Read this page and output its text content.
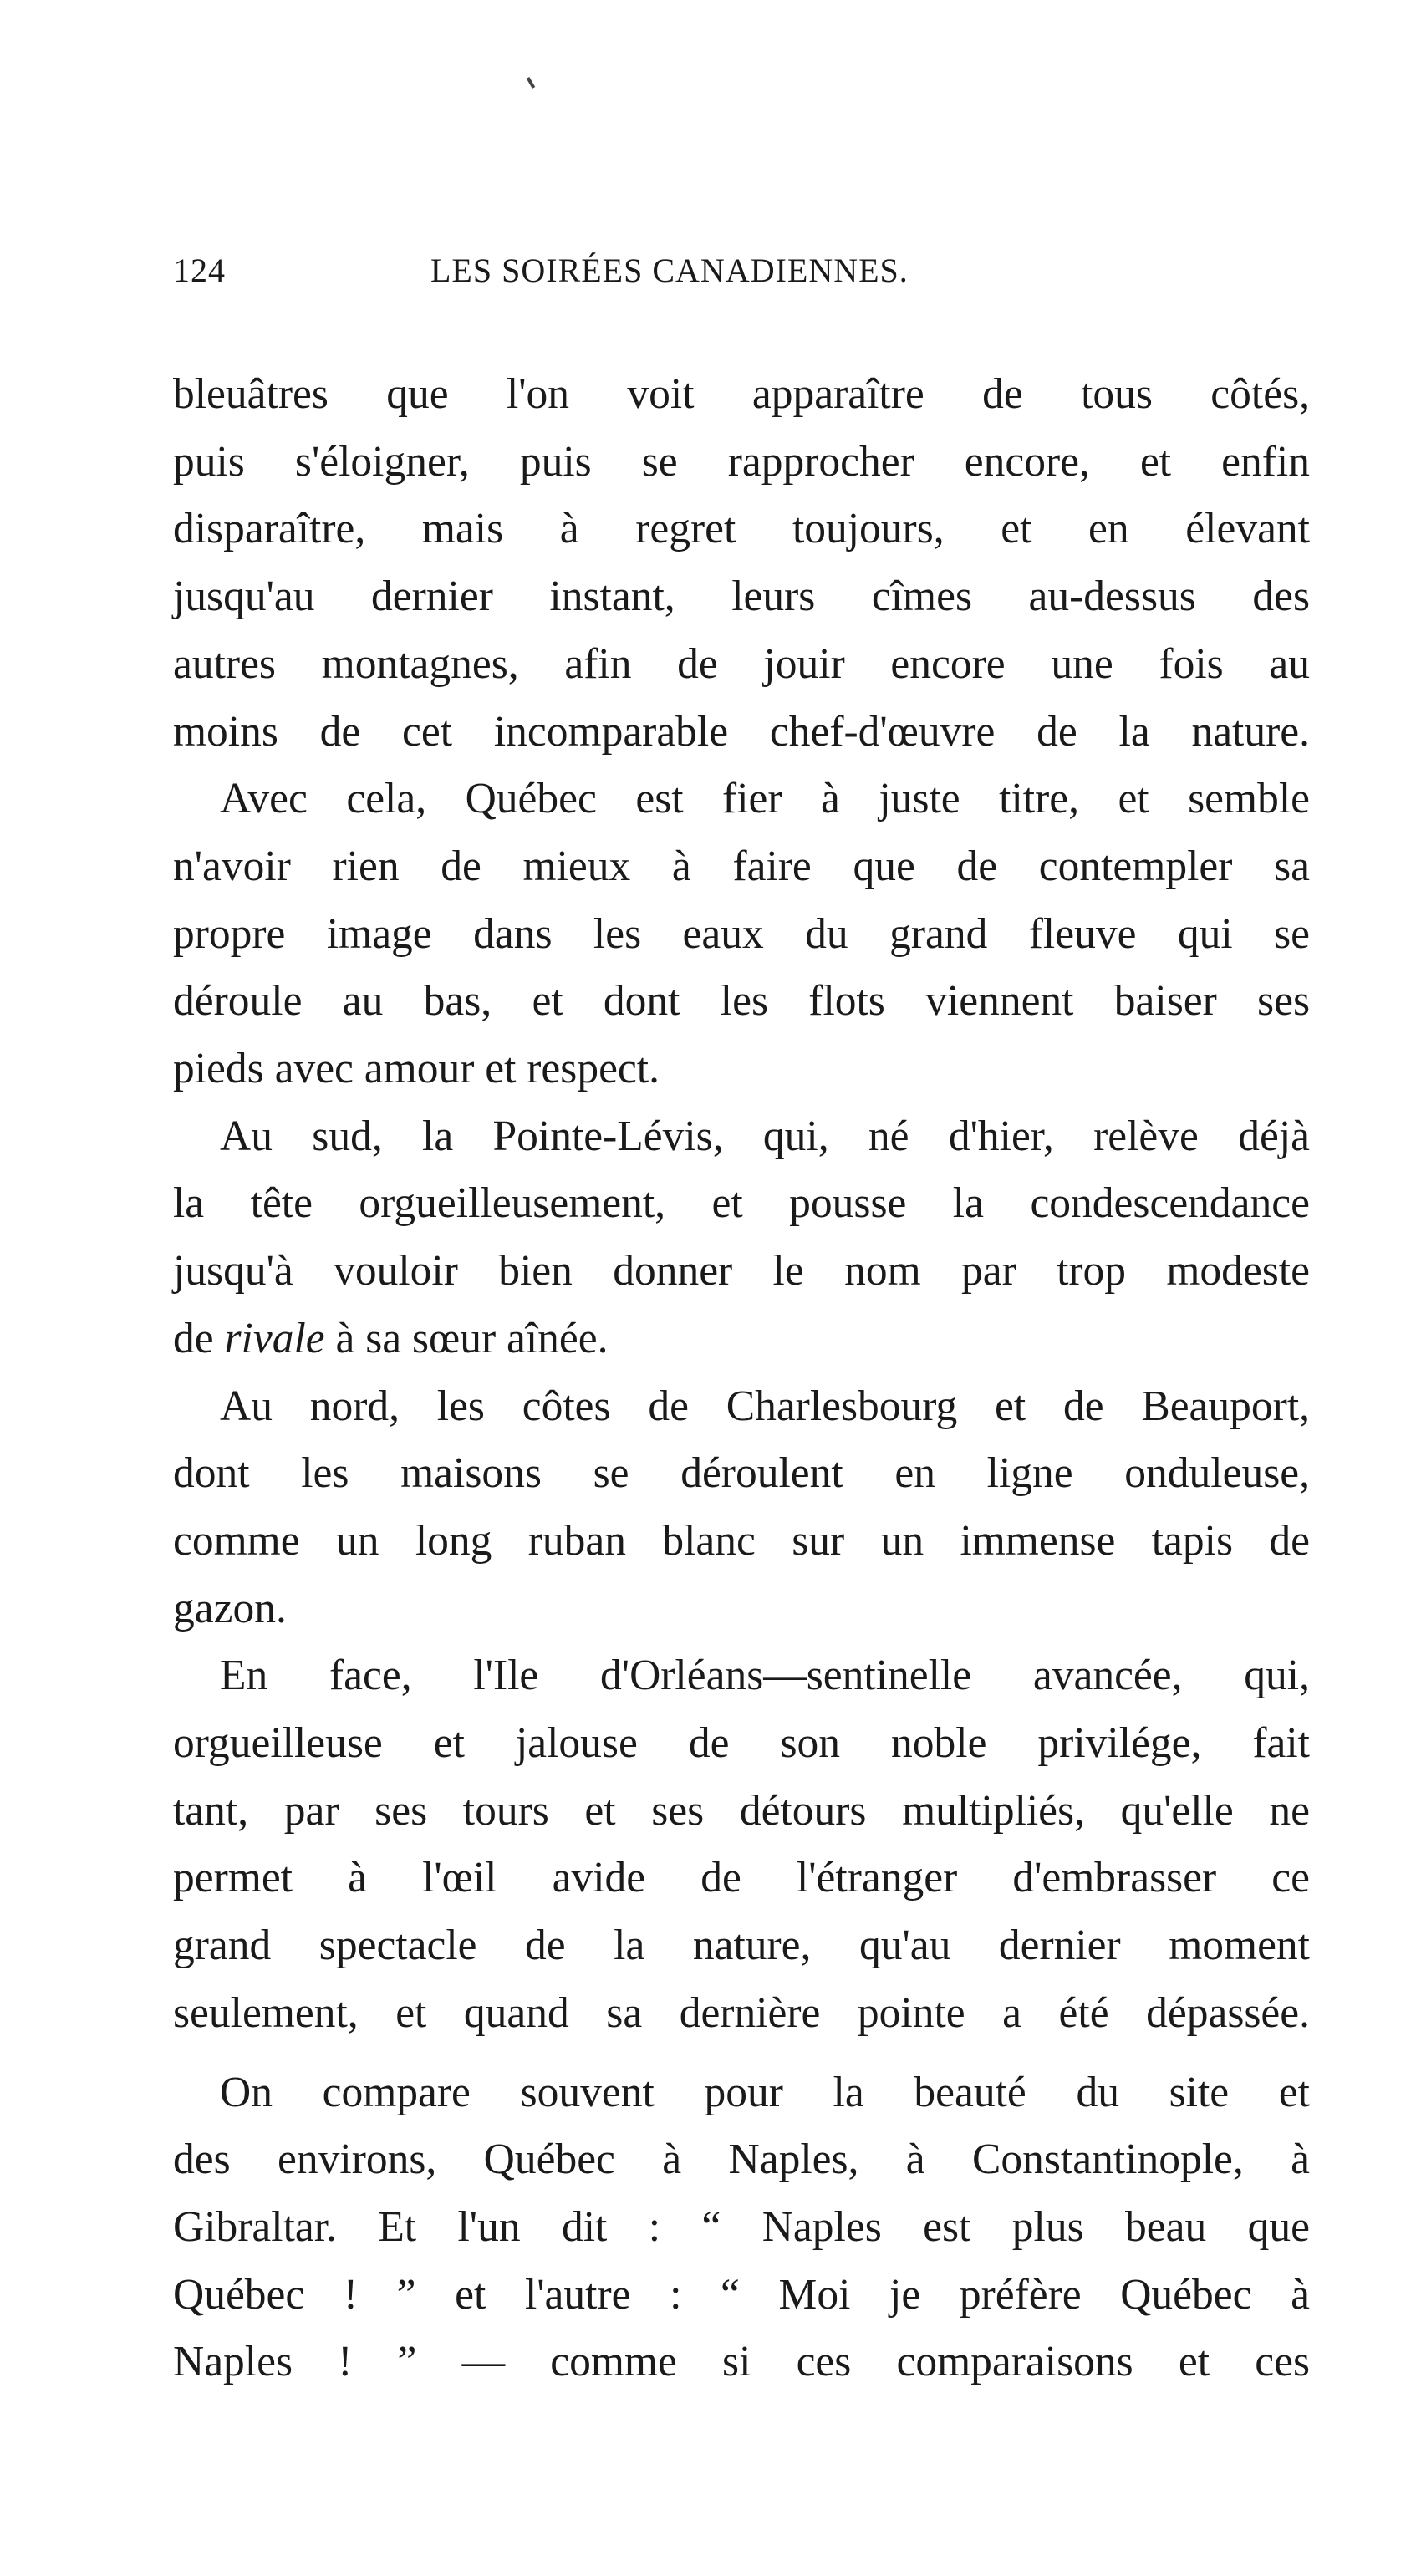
124	LES SOIRÉES CANADIENNES.
bleuâtres que l'on voit apparaître de tous côtés,
puis s'éloigner, puis se rapprocher encore, et enfin
disparaître, mais à regret toujours, et en élevant
jusqu'au dernier instant, leurs cîmes au-dessus des
autres montagnes, afin de jouir encore une fois au
moins de cet incomparable chef-d'œuvre de la nature.
Avec cela, Québec est fier à juste titre, et semble
n'avoir rien de mieux à faire que de contempler sa
propre image dans les eaux du grand fleuve qui se
déroule au bas, et dont les flots viennent baiser ses
pieds avec amour et respect.
Au sud, la Pointe-Lévis, qui, né d'hier, relève déjà
la tête orgueilleusement, et pousse la condescendance
jusqu'à vouloir bien donner le nom par trop modeste
de rivale à sa sœur aînée.
Au nord, les côtes de Charlesbourg et de Beauport,
dont les maisons se déroulent en ligne onduleuse,
comme un long ruban blanc sur un immense tapis de
gazon.
En face, l'Ile d'Orléans—sentinelle avancée, qui,
orgueilleuse et jalouse de son noble privilége, fait
tant, par ses tours et ses détours multipliés, qu'elle ne
permet à l'œil avide de l'étranger d'embrasser ce
grand spectacle de la nature, qu'au dernier moment
seulement, et quand sa dernière pointe a été dépassée.
On compare souvent pour la beauté du site et
des environs, Québec à Naples, à Constantinople, à
Gibraltar. Et l'un dit : “ Naples est plus beau que
Québec ! ” et l'autre : “ Moi je préfère Québec à
Naples ! ” — comme si ces comparaisons et ces
